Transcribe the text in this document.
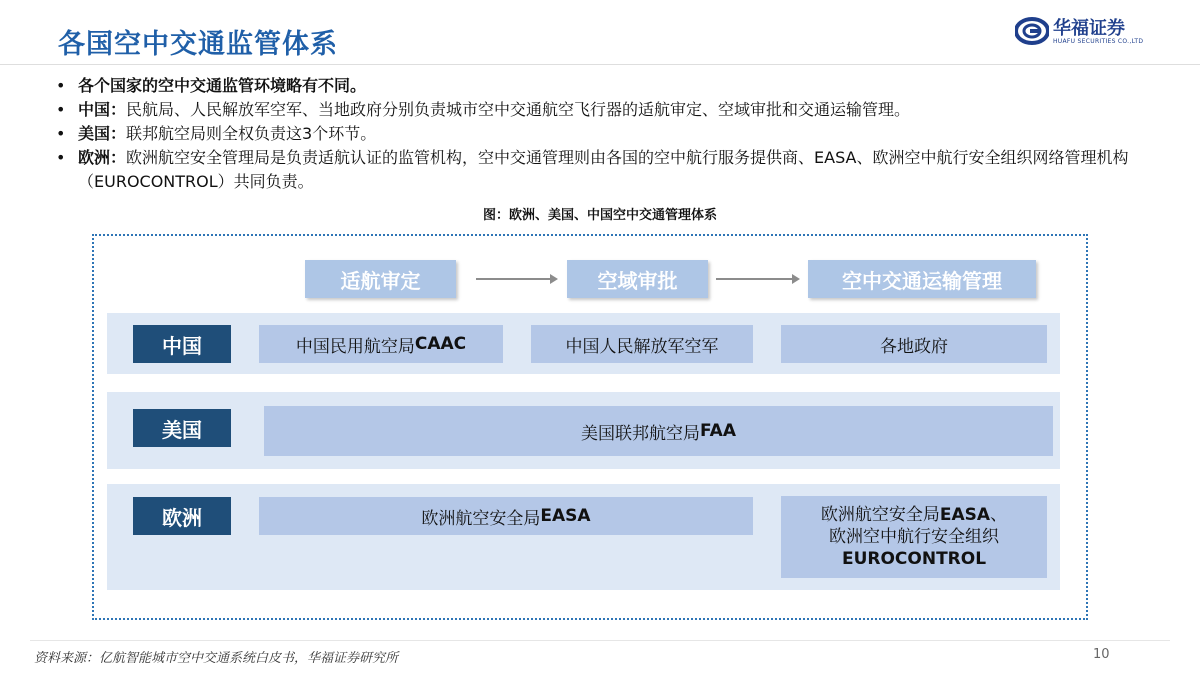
各国空中交通监管体系
华福证券
HUAFU SECURITIES CO.,LTD
• 各个国家的空中交通监管环境略有不同。
• 中国：民航局、人民解放军空军、当地政府分别负责城市空中交通航空飞行器的适航审定、空域审批和交通运输管理。
• 美国：联邦航空局则全权负责这3个环节。
• 欧洲：欧洲航空安全管理局是负责适航认证的监管机构，空中交通管理则由各国的空中航行服务提供商、EASA、欧洲空中航行安全组织网络管理机构（EUROCONTROL）共同负责。
图：欧洲、美国、中国空中交通管理体系
适航审定	空域审批	空中交通运输管理
中国	中国民用航空局 CAAC	中国人民解放军空军	各地政府
美国	美国联邦航空局 FAA
欧洲	欧洲航空安全局 EASA	欧洲航空安全局EASA、
欧洲空中航行安全组织
EUROCONTROL
资料来源：亿航智能城市空中交通系统白皮书，华福证券研究所	10
